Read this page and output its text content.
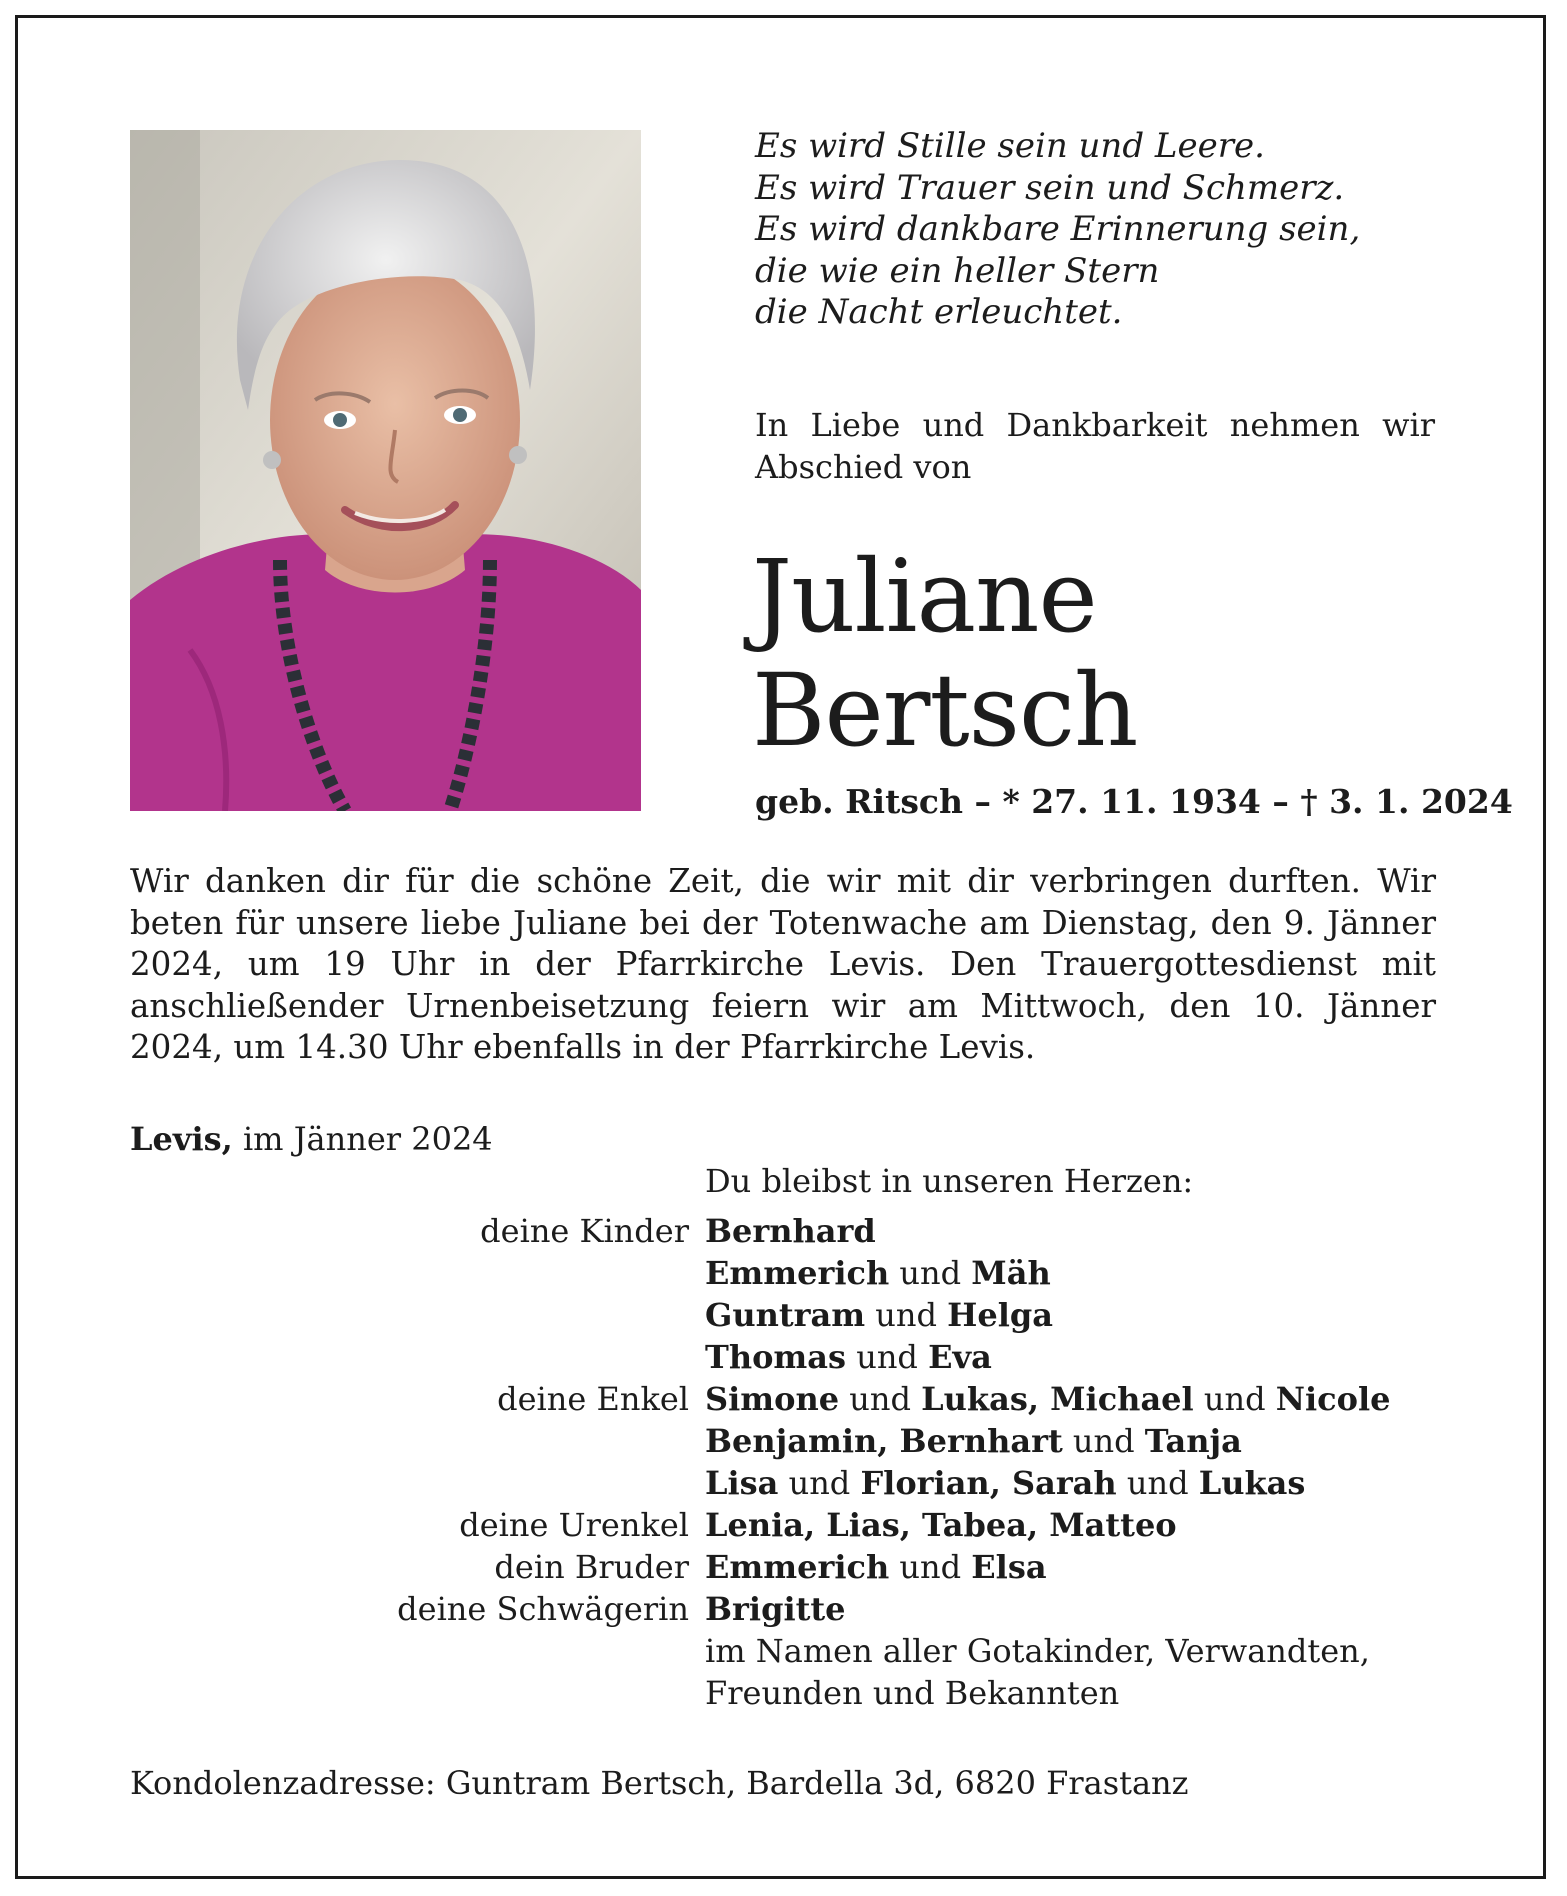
Es wird Stille sein und Leere.
Es wird Trauer sein und Schmerz.
Es wird dankbare Erinnerung sein,
die wie ein heller Stern
die Nacht erleuchtet.
In Liebe und Dankbarkeit nehmen wir Abschied von
Juliane
Bertsch
geb. Ritsch – * 27. 11. 1934 – † 3. 1. 2024
Wir danken dir für die schöne Zeit, die wir mit dir verbringen durften. Wir beten für unsere liebe Juliane bei der Totenwache am Dienstag, den 9. Jänner 2024, um 19 Uhr in der Pfarrkirche Levis. Den Trauergottesdienst mit anschließender Urnenbeisetzung feiern wir am Mittwoch, den 10. Jänner 2024, um 14.30 Uhr ebenfalls in der Pfarrkirche Levis.
Levis, im Jänner 2024
Du bleibst in unseren Herzen:
deine Kinder Bernhard
Emmerich und Mäh
Guntram und Helga
Thomas und Eva
deine Enkel Simone und Lukas, Michael und Nicole
Benjamin, Bernhart und Tanja
Lisa und Florian, Sarah und Lukas
deine Urenkel Lenia, Lias, Tabea, Matteo
dein Bruder Emmerich und Elsa
deine Schwägerin Brigitte
im Namen aller Gotakinder, Verwandten,
Freunden und Bekannten
Kondolenzadresse: Guntram Bertsch, Bardella 3d, 6820 Frastanz
